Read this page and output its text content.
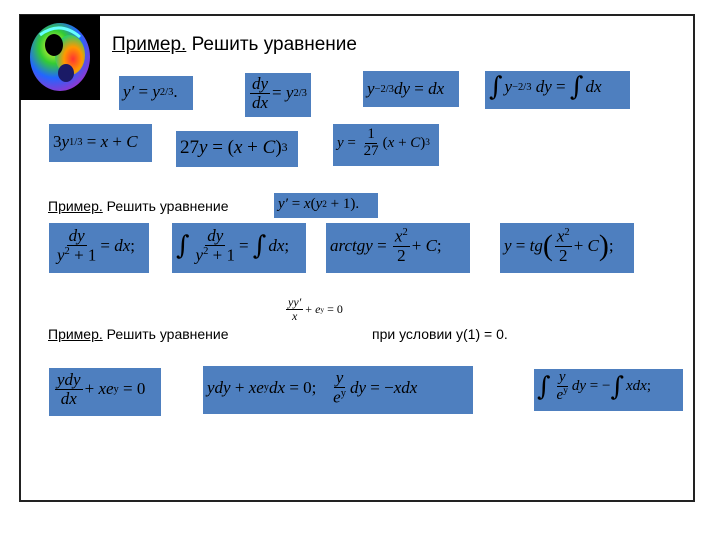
Пример. Решить уравнение
y′ = y 2/3 .	$\frac{dy}{dx} = y$ 2/3	y −2/3 dy = dx ∫ y −2/3
dy = ∫ dx
3 y 1/3 = x + C 27 y = ( x + C ) 3	$y = \frac{1}{27}$ ( x + C ) 3
Пример. Решить уравнение	y′ = x ( y 2 + 1).
$\frac{dy}{y^2 + 1}$ = dx ; ∫ $\frac{dy}{y^2 + 1}$ = ∫ dx ; arctgy = $\frac{x^2}{2} + C$ ;	y = tg ( $\frac{x^2}{2} + C$ ) ;
Пример. Решить уравнение
$\frac{yy'}{x} + e$ y = 0
при условии y(1) = 0.
$\frac{\text{ydy}}{dx}$ + xe y = 0	ydy + xe y dx = 0; $\frac{y}{e^y}$ dy = − xdx	∫ $\frac{y}{e^y}$ dy = − ∫ xdx ;
